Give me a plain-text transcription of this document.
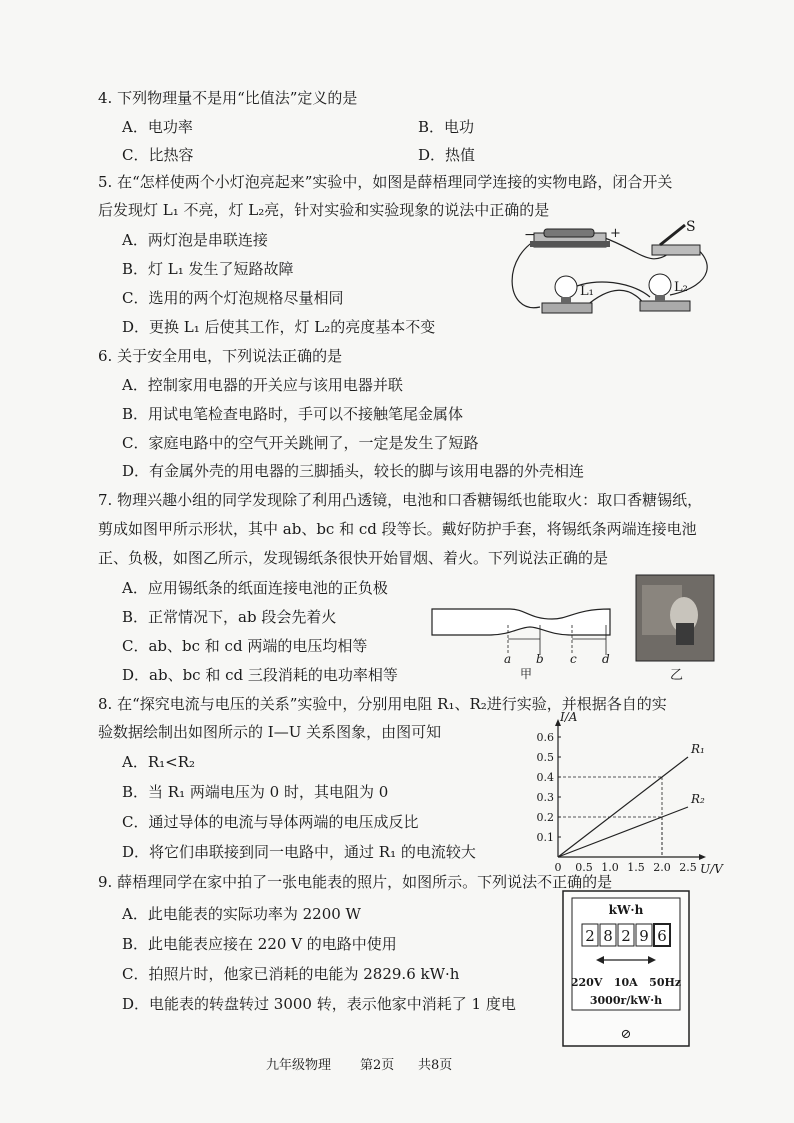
4. 下列物理量不是用“比值法”定义的是
A．电功率	B．电功
C．比热容	D．热值
5. 在“怎样使两个小灯泡亮起来”实验中，如图是薛梧理同学连接的实物电路，闭合开关
后发现灯 L₁ 不亮，灯 L₂亮，针对实验和实验现象的说法中正确的是
A．两灯泡是串联连接
B．灯 L₁ 发生了短路故障
C．选用的两个灯泡规格尽量相同
D．更换 L₁ 后使其工作，灯 L₂的亮度基本不变
−	+	S
L₁	L₂
6. 关于安全用电，下列说法正确的是
A．控制家用电器的开关应与该用电器并联
B．用试电笔检查电路时，手可以不接触笔尾金属体
C．家庭电路中的空气开关跳闸了，一定是发生了短路
D．有金属外壳的用电器的三脚插头，较长的脚与该用电器的外壳相连
7. 物理兴趣小组的同学发现除了利用凸透镜，电池和口香糖锡纸也能取火：取口香糖锡纸，
剪成如图甲所示形状，其中 ab、bc 和 cd 段等长。戴好防护手套，将锡纸条两端连接电池
正、负极，如图乙所示，发现锡纸条很快开始冒烟、着火。下列说法正确的是
A．应用锡纸条的纸面连接电池的正负极
B．正常情况下，ab 段会先着火
C．ab、bc 和 cd 两端的电压均相等
D．ab、bc 和 cd 三段消耗的电功率相等
a b c d
甲	乙
8. 在“探究电流与电压的关系”实验中，分别用电阻 R₁、R₂进行实验，并根据各自的实
验数据绘制出如图所示的 I—U 关系图象，由图可知
A．R₁<R₂
B．当 R₁ 两端电压为 0 时，其电阻为 0
C．通过导体的电流与导体两端的电压成反比
D．将它们串联接到同一电路中，通过 R₁ 的电流较大
0 0.5 1.0 1.5 2.0 2.5
0.1
0.2
0.3
0.4
0.5
0.6
I/A
U/V
R₁
R₂
9. 薛梧理同学在家中拍了一张电能表的照片，如图所示。下列说法不正确的是
A．此电能表的实际功率为 2200 W
B．此电能表应接在 220 V 的电路中使用
C．拍照片时，他家已消耗的电能为 2829.6 kW·h
D．电能表的转盘转过 3000 转，表示他家中消耗了 1 度电
kW·h
2 8 2 9 6
220V   10A   50Hz
3000r/kW·h
⊘
九年级物理 第2页 共8页
